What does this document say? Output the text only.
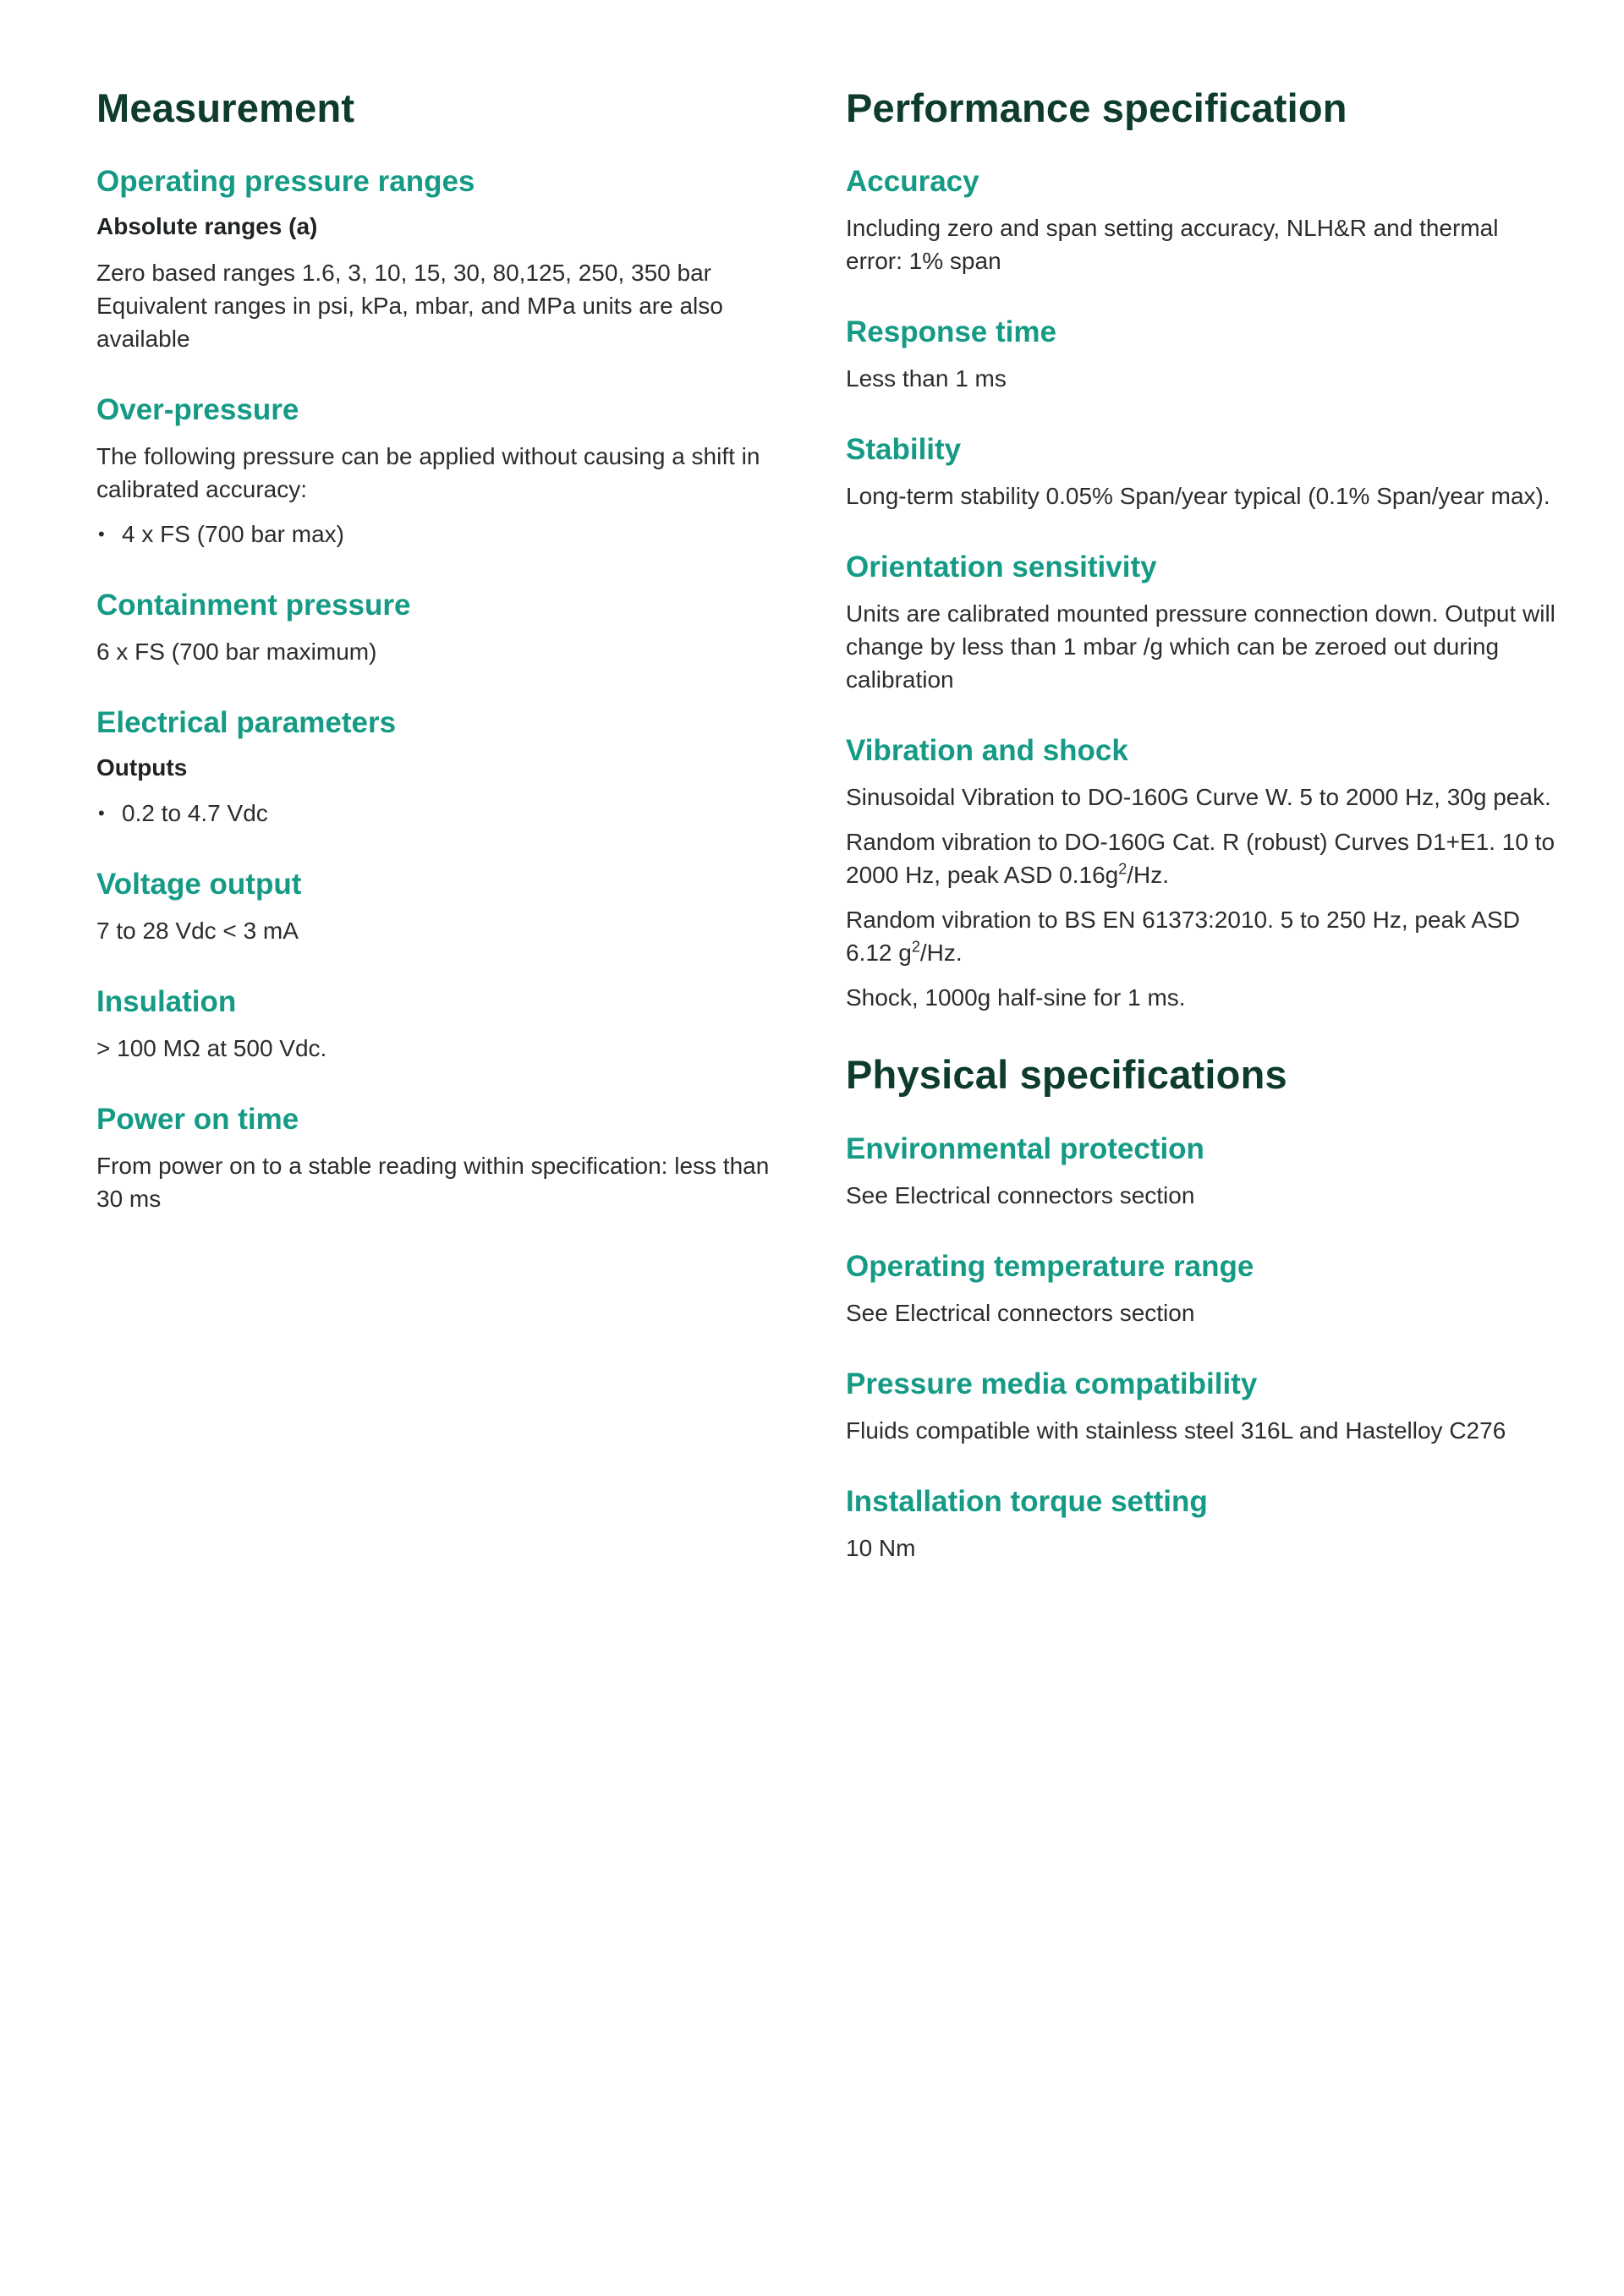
Measurement
Operating pressure ranges
Absolute ranges (a)
Zero based ranges 1.6, 3, 10, 15, 30, 80,125, 250, 350 bar
Equivalent ranges in psi, kPa, mbar, and MPa units are also available
Over-pressure
The following pressure can be applied without causing a shift in calibrated accuracy:
• 4 x FS (700 bar max)
Containment pressure
6 x FS (700 bar maximum)
Electrical parameters
Outputs
• 0.2 to 4.7 Vdc
Voltage output
7 to 28 Vdc < 3 mA
Insulation
> 100 MΩ at 500 Vdc.
Power on time
From power on to a stable reading within specification: less than 30 ms
Performance specification
Accuracy
Including zero and span setting accuracy, NLH&R and thermal error: 1% span
Response time
Less than 1 ms
Stability
Long-term stability 0.05% Span/year typical (0.1% Span/year max).
Orientation sensitivity
Units are calibrated mounted pressure connection down. Output will change by less than 1 mbar /g which can be zeroed out during calibration
Vibration and shock
Sinusoidal Vibration to DO-160G Curve W. 5 to 2000 Hz, 30g peak.
Random vibration to DO-160G Cat. R (robust) Curves D1+E1. 10 to 2000 Hz, peak ASD $0.16g^2/Hz$.
Random vibration to BS EN 61373:2010. 5 to 250 Hz, peak ASD 6.12 $g^2/Hz$.
Shock, 1000g half-sine for 1 ms.
Physical specifications
Environmental protection
See Electrical connectors section
Operating temperature range
See Electrical connectors section
Pressure media compatibility
Fluids compatible with stainless steel 316L and Hastelloy C276
Installation torque setting
10 Nm
